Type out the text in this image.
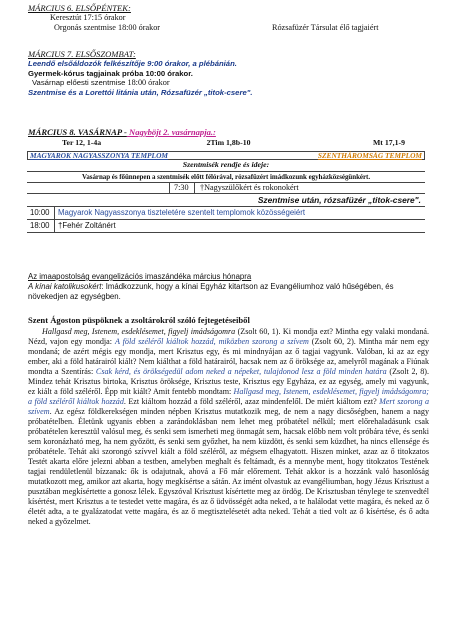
MÁRCIUS 6. ELSŐPÉNTEK:
Keresztút 17:15 órakor
Orgonás szentmise 18:00 órakor	Rózsafüzér Társulat élő tagjaiért
MÁRCIUS 7. ELSŐSZOMBAT:
Leendő elsőáldozók felkészítője 9:00 órakor, a plébánián.
Gyermek-kórus tagjainak próba 10:00 órakor.
Vasárnap előesti szentmise 18:00 órakor
Szentmise és a Lorettói litánia után, Rózsafüzér „titok-csere".
MÁRCIUS 8. VASÁRNAP - Nagyböjt 2. vasárnapja.:
Ter 12, 1-4a	2Tim 1,8b-10	Mt 17,1-9
MAGYAROK NAGYASSZONYA TEMPLOM	SZENTHÁROMSÁG TEMPLOM
Szentmisék rendje és ideje:
Vasárnap és főünnepen a szentmisék előtt félórával, rózsafüzért imádkozunk egyházközségünkért.
7:30 †Nagyszülőkért és rokonokért
Szentmise után, rózsafüzér „titok-csere".
10:00 Magyarok Nagyasszonya tiszteletére szentelt templomok közösségeiért
18:00 †Fehér Zoltánért
Az imaapostolság evangelizációs imaszándéka március hónapra
A kínai katolikusokért: Imádkozzunk, hogy a kínai Egyház kitartson az Evangéliumhoz való hűségében, és növekedjen az egységben.
Szent Ágoston püspöknek a zsoltárokról szóló fejtegetéseiből
Hallgasd meg, Istenem, esdeklésemet, figyelj imádságomra (Zsolt 60, 1). Ki mondja ezt? Mintha egy valaki mondaná. Nézd, vajon egy mondja: A föld széléről kiáltok hozzád, miközben szorong a szívem (Zsolt 60, 2). Mintha már nem egy mondaná; de azért mégis egy mondja, mert Krisztus egy, és mi mindnyájan az ő tagjai vagyunk. Valóban, ki az az egy ember, aki a föld határairól kiált? Nem kiálthat a föld határairól, hacsak nem az ő öröksége az, amelyről magának a Fiúnak mondta a Szentírás: Csak kérd, és örökségedül adom neked a népeket, tulajdonod lesz a föld minden határa (Zsolt 2, 8). Mindez tehát Krisztus birtoka, Krisztus öröksége, Krisztus teste, Krisztus egy Egyháza, ez az egység, amely mi vagyunk, ez kiált a föld széléről. Épp mit kiált? Amit fentebb mondtam: Hallgasd meg, Istenem, esdeklésemet, figyelj imádságomra; a föld széléről kiáltok hozzád. Ezt kiáltom hozzád a föld széléről, azaz mindenfelől. De miért kiáltom ezt? Mert szorong a szívem. Az egész földkerekségen minden népben Krisztus mutatkozik meg, de nem a nagy dicsőségben, hanem a nagy próbatételben. Életünk ugyanis ebben a zarándoklásban nem lehet meg próbatétel nélkül; mert előrehaladásunk csak próbatételen keresztül valósul meg, és senki sem ismerheti meg önmagát sem, hacsak előbb nem volt próbára téve, és senki sem koronázható meg, ha nem győzött, és senki sem győzhet, ha nem küzdött, és senki sem küzdhet, ha nincs ellensége és próbatétele. Tehát aki szorongó szívvel kiált a föld széléről, az mégsem elhagyatott. Hiszen minket, azaz az ő titokzatos Testét akarta előre jelezni abban a testben, amelyben meghalt és feltámadt, és a mennybe ment, hogy titokzatos Testének tagjai rendületlenül bízzanak: ők is odajutnak, ahová a Fő már előrement. Tehát akkor is a hozzánk való hasonlóság mutatkozott meg, amikor azt akarta, hogy megkísértse a sátán. Az imént olvastuk az evangéliumban, hogy Jézus Krisztust a pusztában megkísértette a gonosz lélek. Egyszóval Krisztust kísértette meg az ördög. De Krisztusban ténylege te szenvedtél kísértést, mert Krisztus a te testedet vette magára, és az ő üdvösségét adta neked, a te halálodat vette magára, és neked az ő életét adta, a te gyalázatodat vette magára, és az ő megtisztelésetét adta neked. Tehát a tied volt az ő kísértése, és ő adta neked a győzelmet.
